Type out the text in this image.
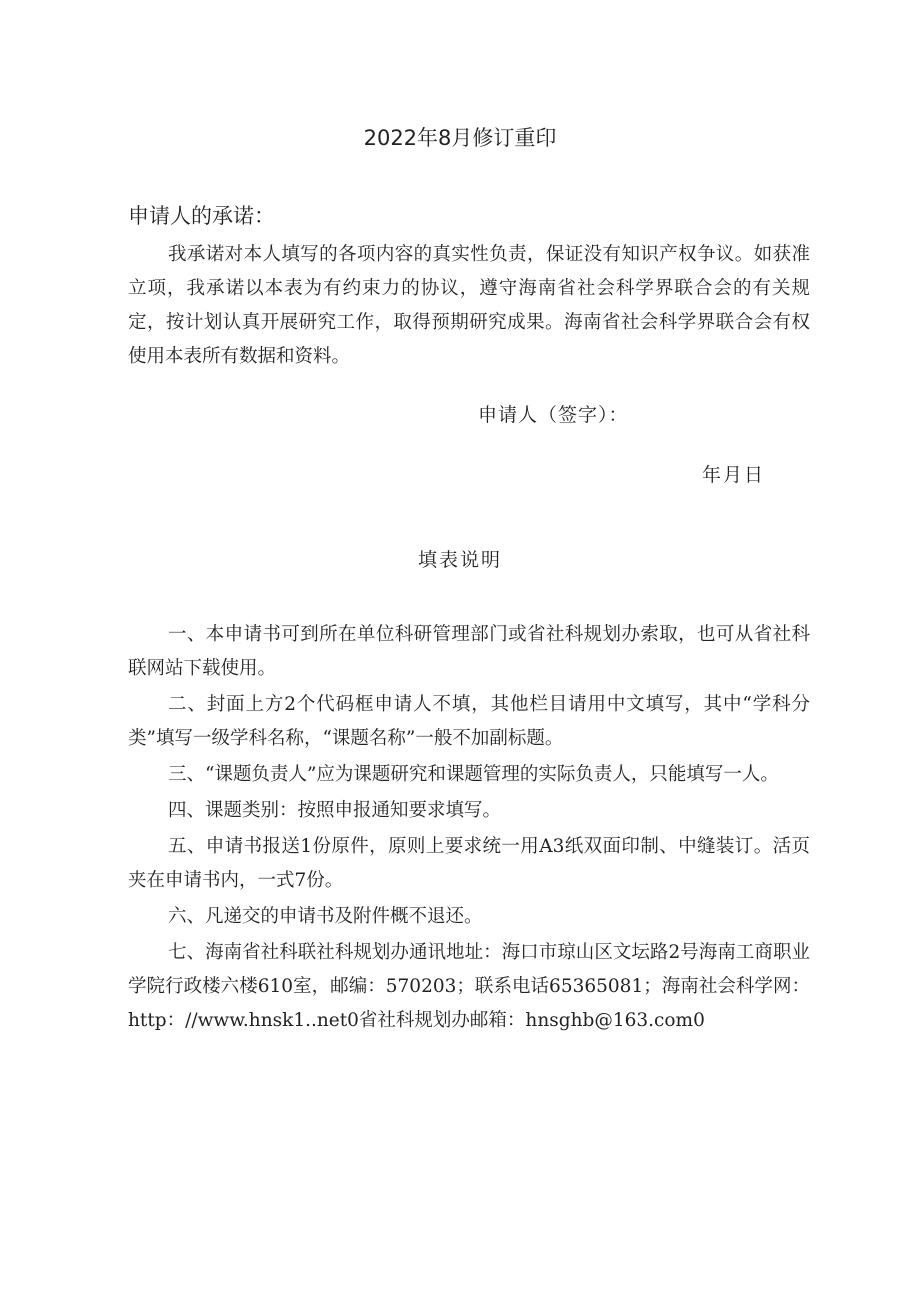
2022年8月修订重印
申请人的承诺：

我承诺对本人填写的各项内容的真实性负责，保证没有知识产权争议。如获准立项，我承诺以本表为有约束力的协议，遵守海南省社会科学界联合会的有关规定，按计划认真开展研究工作，取得预期研究成果。海南省社会科学界联合会有权使用本表所有数据和资料。

申请人（签字）：
年月日
填表说明
一、本申请书可到所在单位科研管理部门或省社科规划办索取，也可从省社科联网站下载使用。
二、封面上方2个代码框申请人不填，其他栏目请用中文填写，其中“学科分类”填写一级学科名称，“课题名称”一般不加副标题。
三、“课题负责人”应为课题研究和课题管理的实际负责人，只能填写一人。
四、课题类别：按照申报通知要求填写。
五、申请书报送1份原件，原则上要求统一用A3纸双面印制、中缝装订。活页夹在申请书内，一式7份。
六、凡递交的申请书及附件概不退还。
七、海南省社科联社科规划办通讯地址：海口市琼山区文坛路2号海南工商职业学院行政楼六楼610室，邮编：570203；联系电话65365081；海南社会科学网：http：//www.hnsk1..net0省社科规划办邮箱：hnsghb@163.com0
